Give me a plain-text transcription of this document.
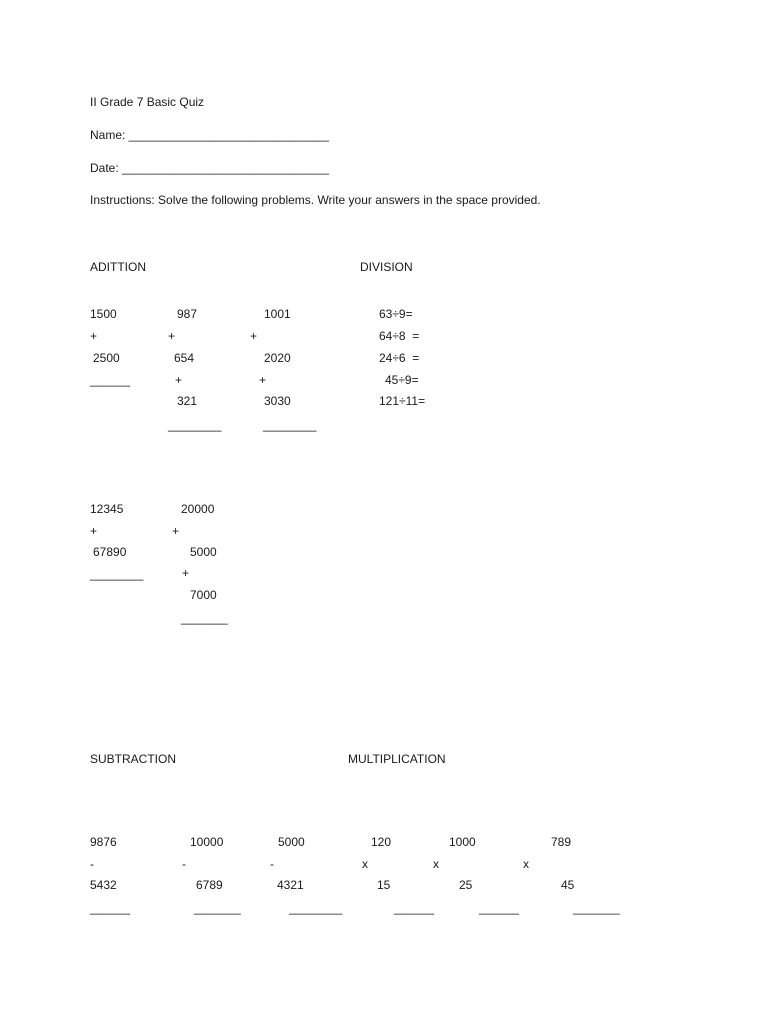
II Grade 7 Basic Quiz
Name: ______________________________
Date: _______________________________
Instructions: Solve the following problems. Write your answers in the space provided.
ADITTION	DIVISION
1500
+
2500
______
987
+
654
+
321
________
1001
+
2020
+
3030
________
63÷9=
64÷8  =
24÷6  =
45÷9=
121÷11=
12345
+
67890
________
20000
+
5000
+
7000
_______
SUBTRACTION	MULTIPLICATION
9876
-
5432
______
10000
-
6789
_______
5000
-
4321
________
120
x
15
______
1000
x
25
______
789
x
45
_______
